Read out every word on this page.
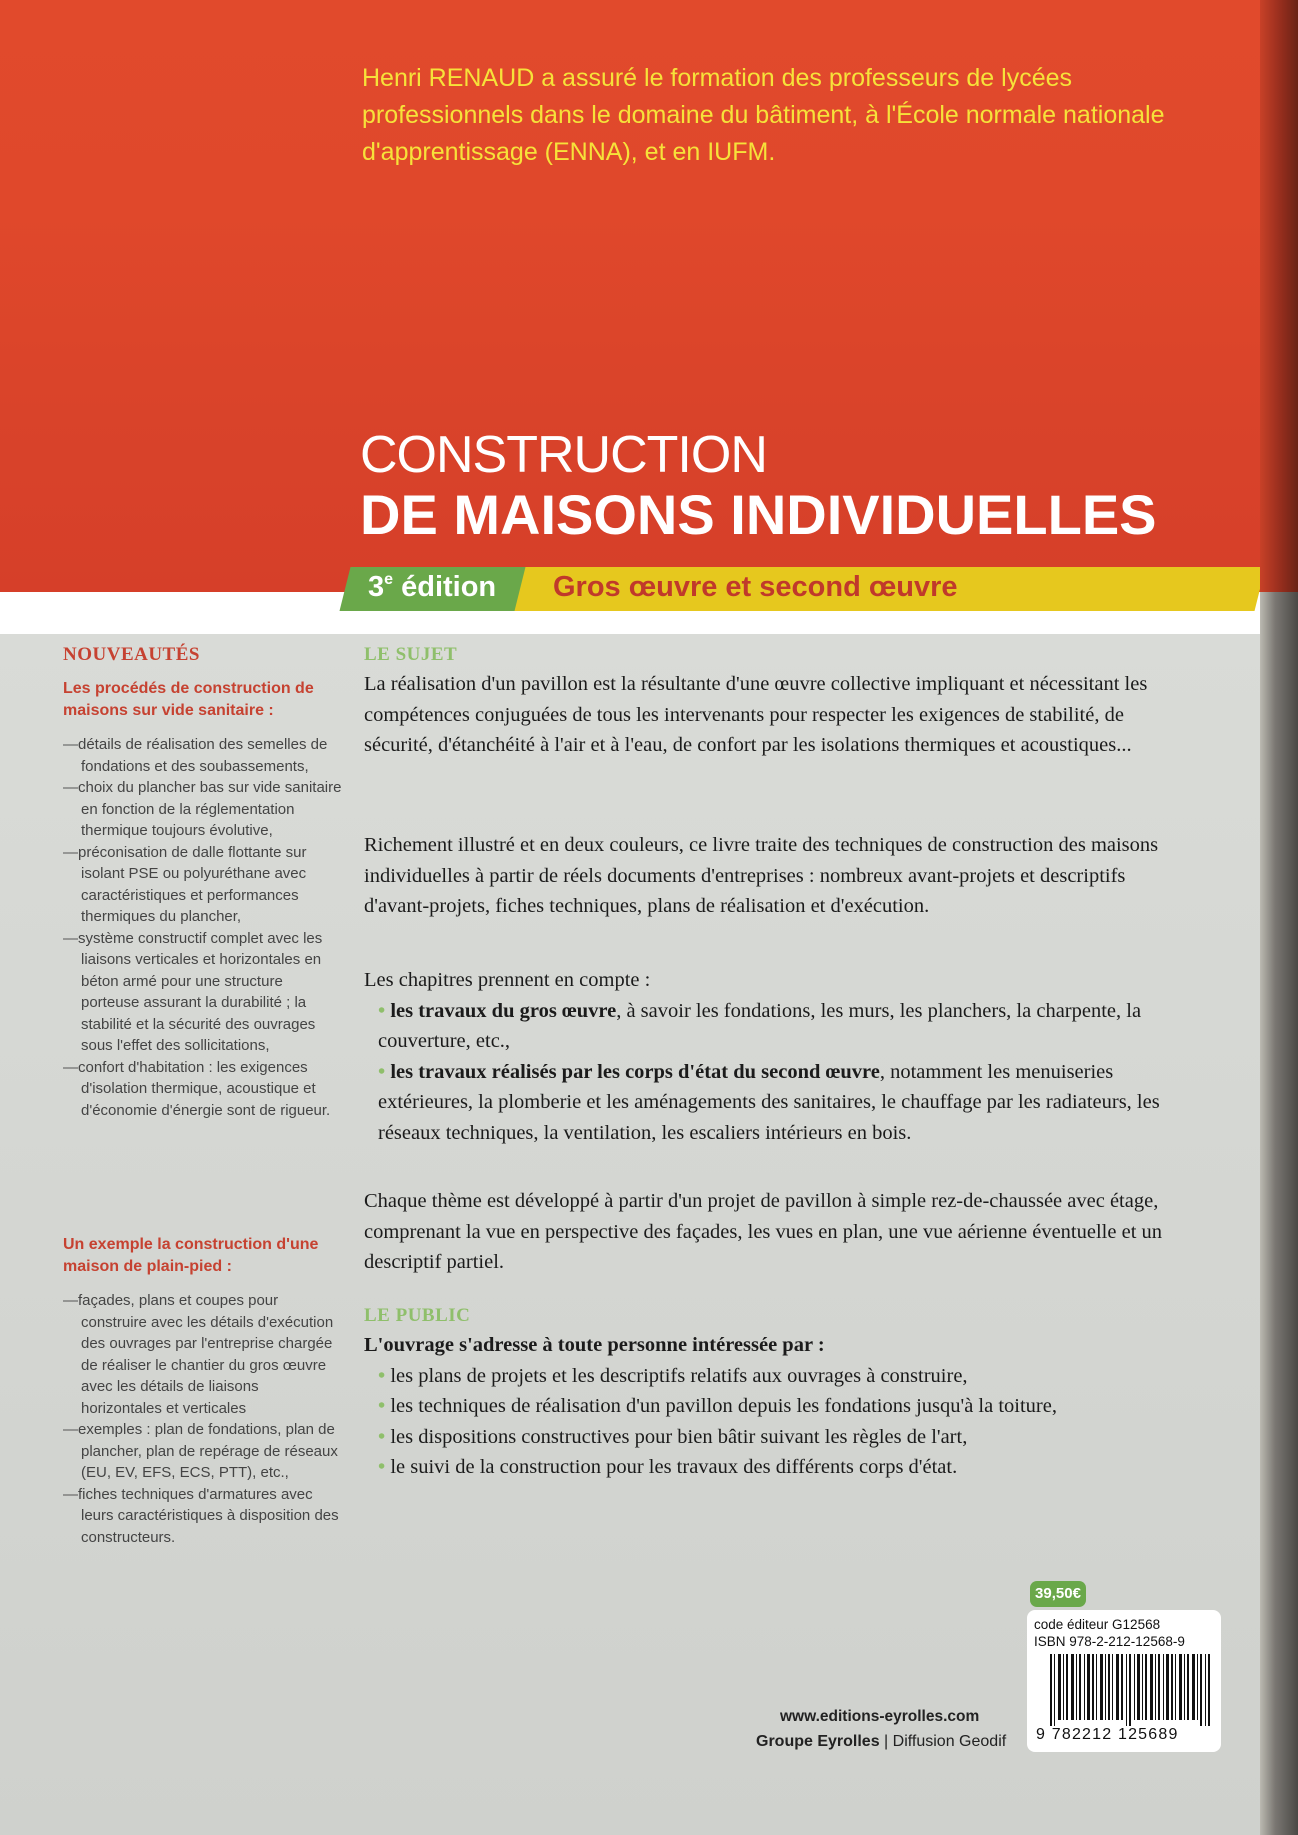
Henri RENAUD a assuré le formation des professeurs de lycées professionnels dans le domaine du bâtiment, à l'École normale nationale d'apprentissage (ENNA), et en IUFM.
CONSTRUCTION
DE MAISONS INDIVIDUELLES
3e édition Gros œuvre et second œuvre
NOUVEAUTÉS
Les procédés de construction de maisons sur vide sanitaire :
— détails de réalisation des semelles de fondations et des soubassements,
— choix du plancher bas sur vide sanitaire en fonction de la réglementation thermique toujours évolutive,
— préconisation de dalle flottante sur isolant PSE ou polyuréthane avec caractéristiques et performances thermiques du plancher,
— système constructif complet avec les liaisons verticales et horizontales en béton armé pour une structure porteuse assurant la durabilité ; la stabilité et la sécurité des ouvrages sous l'effet des sollicitations,
— confort d'habitation : les exigences d'isolation thermique, acoustique et d'économie d'énergie sont de rigueur.
Un exemple la construction d'une maison de plain-pied :
— façades, plans et coupes pour construire avec les détails d'exécution des ouvrages par l'entreprise chargée de réaliser le chantier du gros œuvre avec les détails de liaisons horizontales et verticales
— exemples : plan de fondations, plan de plancher, plan de repérage de réseaux (EU, EV, EFS, ECS, PTT), etc.,
— fiches techniques d'armatures avec leurs caractéristiques à disposition des constructeurs.
LE SUJET
La réalisation d'un pavillon est la résultante d'une œuvre collective impliquant et nécessitant les compétences conjuguées de tous les intervenants pour respecter les exigences de stabilité, de sécurité, d'étanchéité à l'air et à l'eau, de confort par les isolations thermiques et acoustiques...
Richement illustré et en deux couleurs, ce livre traite des techniques de construction des maisons individuelles à partir de réels documents d'entreprises : nombreux avant-projets et descriptifs d'avant-projets, fiches techniques, plans de réalisation et d'exécution.
Les chapitres prennent en compte :
• les travaux du gros œuvre, à savoir les fondations, les murs, les planchers, la charpente, la couverture, etc.,
• les travaux réalisés par les corps d'état du second œuvre, notamment les menuiseries extérieures, la plomberie et les aménagements des sanitaires, le chauffage par les radiateurs, les réseaux techniques, la ventilation, les escaliers intérieurs en bois.
Chaque thème est développé à partir d'un projet de pavillon à simple rez-de-chaussée avec étage, comprenant la vue en perspective des façades, les vues en plan, une vue aérienne éventuelle et un descriptif partiel.
LE PUBLIC
L'ouvrage s'adresse à toute personne intéressée par :
• les plans de projets et les descriptifs relatifs aux ouvrages à construire,
• les techniques de réalisation d'un pavillon depuis les fondations jusqu'à la toiture,
• les dispositions constructives pour bien bâtir suivant les règles de l'art,
• le suivi de la construction pour les travaux des différents corps d'état.
39,50€
code éditeur G12568
ISBN 978-2-212-12568-9
9 782212 125689
www.editions-eyrolles.com
Groupe Eyrolles | Diffusion Geodif
